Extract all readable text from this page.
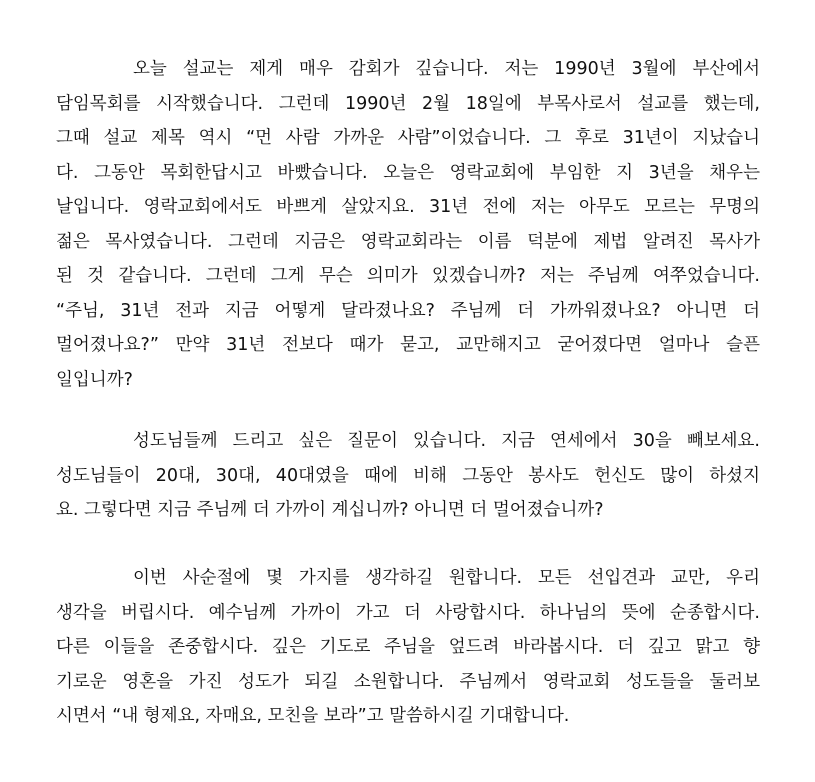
오늘 설교는 제게 매우 감회가 깊습니다. 저는 1990년 3월에 부산에서
담임목회를 시작했습니다. 그런데 1990년 2월 18일에 부목사로서 설교를 했는데,
그때 설교 제목 역시 “먼 사람 가까운 사람”이었습니다. 그 후로 31년이 지났습니
다. 그동안 목회한답시고 바빴습니다. 오늘은 영락교회에 부임한 지 3년을 채우는
날입니다. 영락교회에서도 바쁘게 살았지요. 31년 전에 저는 아무도 모르는 무명의
젊은 목사였습니다. 그런데 지금은 영락교회라는 이름 덕분에 제법 알려진 목사가
된 것 같습니다. 그런데 그게 무슨 의미가 있겠습니까? 저는 주님께 여쭈었습니다.
“주님, 31년 전과 지금 어떻게 달라졌나요? 주님께 더 가까워졌나요? 아니면 더
멀어졌나요?” 만약 31년 전보다 때가 묻고, 교만해지고 굳어졌다면 얼마나 슬픈
일입니까?
성도님들께 드리고 싶은 질문이 있습니다. 지금 연세에서 30을 빼보세요.
성도님들이 20대, 30대, 40대였을 때에 비해 그동안 봉사도 헌신도 많이 하셨지
요. 그렇다면 지금 주님께 더 가까이 계십니까? 아니면 더 멀어졌습니까?
이번 사순절에 몇 가지를 생각하길 원합니다. 모든 선입견과 교만, 우리
생각을 버립시다. 예수님께 가까이 가고 더 사랑합시다. 하나님의 뜻에 순종합시다.
다른 이들을 존중합시다. 깊은 기도로 주님을 엎드려 바라봅시다. 더 깊고 맑고 향
기로운 영혼을 가진 성도가 되길 소원합니다. 주님께서 영락교회 성도들을 둘러보
시면서 “내 형제요, 자매요, 모친을 보라”고 말씀하시길 기대합니다.
